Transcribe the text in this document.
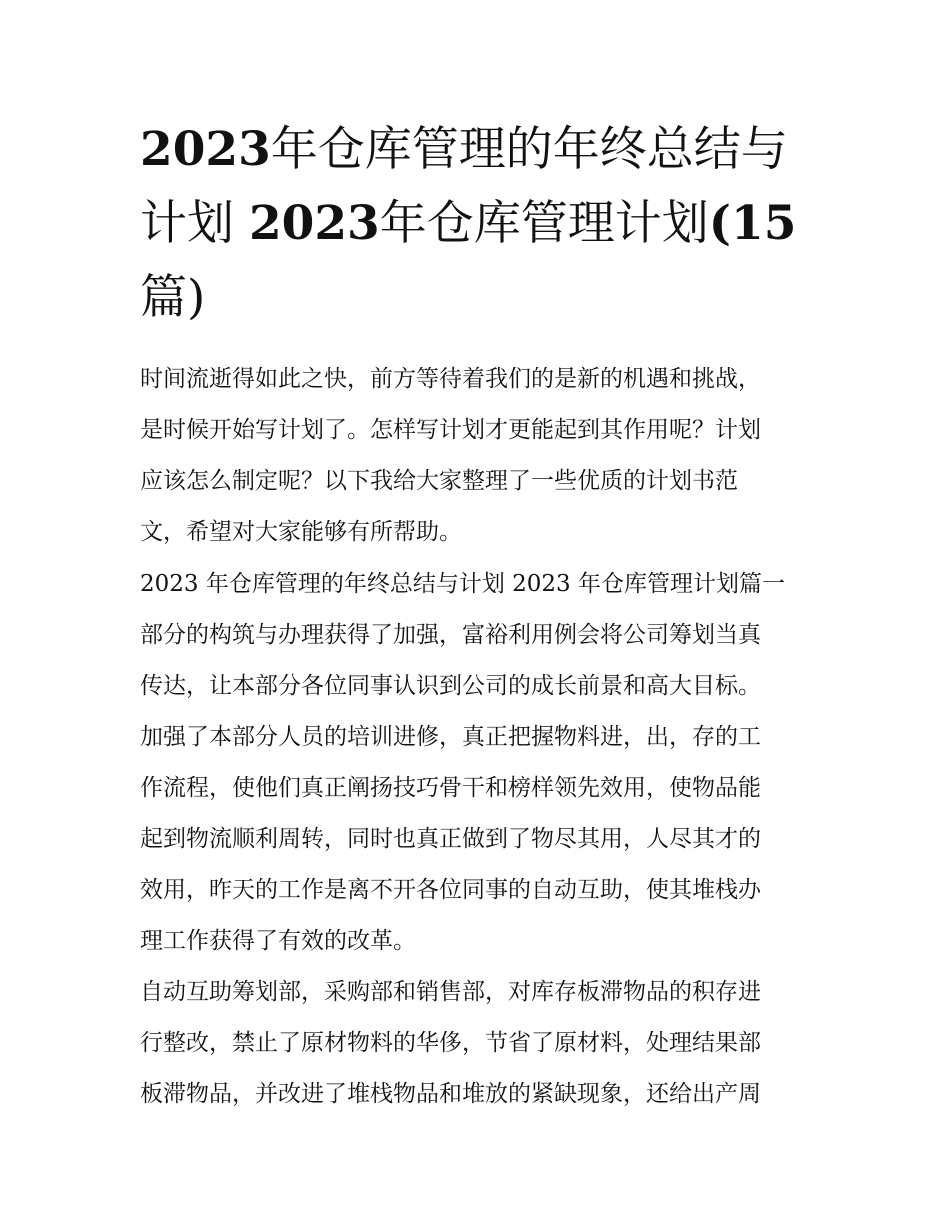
2023年仓库管理的年终总结与
计划 2023年仓库管理计划(15
篇)
时间流逝得如此之快，前方等待着我们的是新的机遇和挑战，
是时候开始写计划了。怎样写计划才更能起到其作用呢？计划
应该怎么制定呢？以下我给大家整理了一些优质的计划书范
文，希望对大家能够有所帮助。
2023 年仓库管理的年终总结与计划 2023 年仓库管理计划篇一
部分的构筑与办理获得了加强，富裕利用例会将公司筹划当真
传达，让本部分各位同事认识到公司的成长前景和高大目标。
加强了本部分人员的培训进修，真正把握物料进，出，存的工
作流程，使他们真正阐扬技巧骨干和榜样领先效用，使物品能
起到物流顺利周转，同时也真正做到了物尽其用，人尽其才的
效用，昨天的工作是离不开各位同事的自动互助，使其堆栈办
理工作获得了有效的改革。
自动互助筹划部，采购部和销售部，对库存板滞物品的积存进
行整改，禁止了原材物料的华侈，节省了原材料，处理结果部
板滞物品，并改进了堆栈物品和堆放的紧缺现象，还给出产周
